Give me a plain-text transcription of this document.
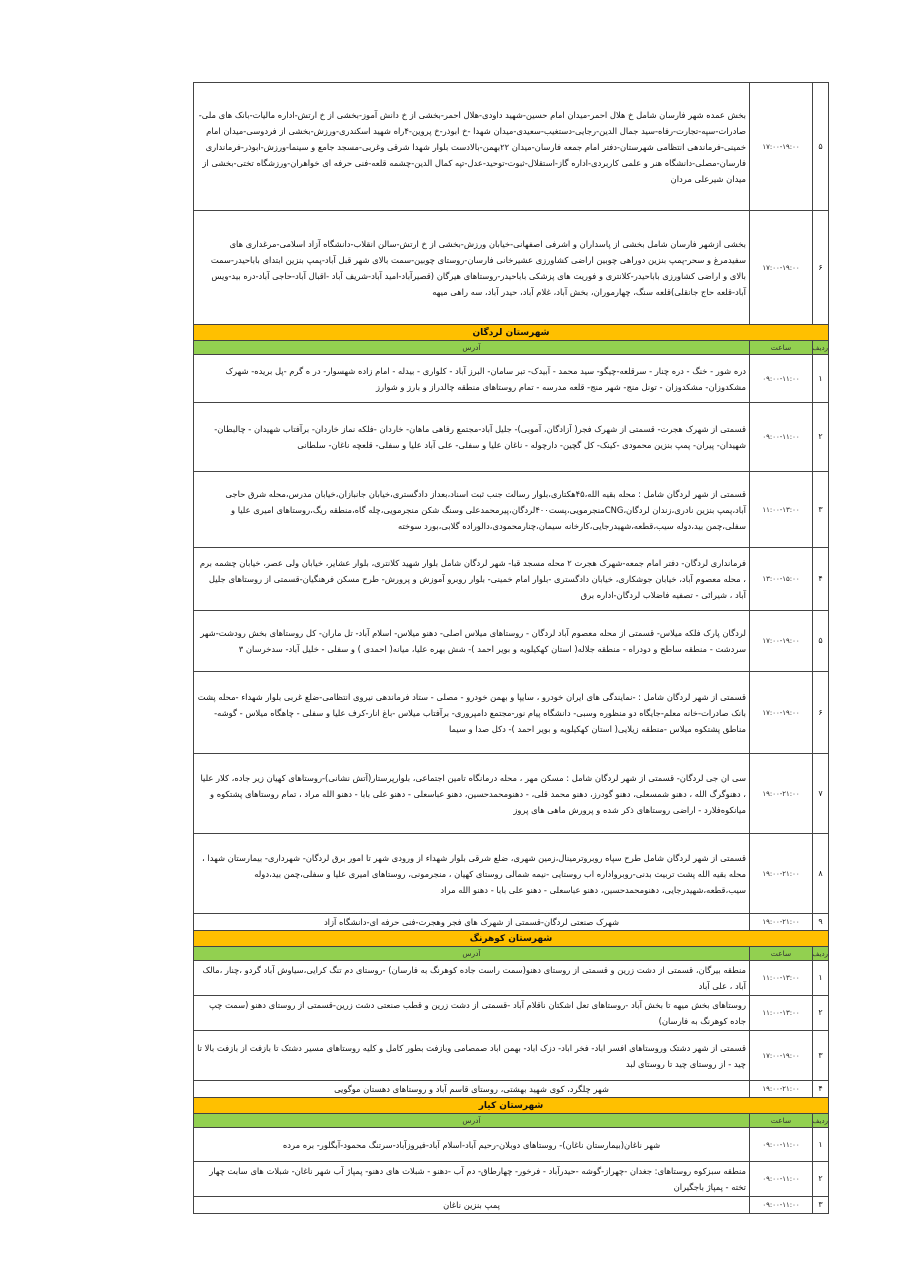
۵	۱۷:۰۰-۱۹:۰۰	بخش عمده شهر فارسان شامل خ هلال احمر-میدان امام حسین-شهید داودی-هلال احمر-بخشی از خ دانش آموز-بخشی از خ ارتش-اداره مالیات-بانک های ملی-صادرات-سپه-تجارت-رفاه-سید جمال الدین-رجایی-دستغیب-سعیدی-میدان شهدا -خ ابوذر-خ پروین-۴راه شهید اسکندری-ورزش-بخشی از فردوسی-میدان امام خمینی-فرماندهی انتظامی شهرستان-دفتر امام جمعه فارسان-میدان ۲۲بهمن-بالادست بلوار شهدا شرقی وغربی-مسجد جامع و سینما-ورزش-ابوذر-فرمانداری فارسان-مصلی-دانشگاه هنر و علمی کاربردی-اداره گاز-استقلال-ثبوت-توحید-عدل-تپه کمال الدین-چشمه قلعه-فنی حرفه ای خواهران-ورزشگاه تختی-بخشی از میدان شیرعلی مردان
۶	۱۷:۰۰-۱۹:۰۰	بخشی ازشهر فارسان شامل بخشی از پاسداران و اشرفی اصفهانی-خیابان ورزش-بخشی از خ ارتش-سالن انقلاب-دانشگاه آزاد اسلامی-مرغداری های سفیدمرغ و سحر-پمپ بنزین دوراهی چوبین اراضی کشاورزی عشیرخانی فارسان-روستای چوبین-سمت بالای شهر قبل آباد-پمپ بنزین ابتدای باباحیدر-سمت بالای و اراضی کشاورزی باباحیدر-کلانتری و فوریت های پزشکی باباحیدر-روستاهای هیرگان (قصیرآباد-امید آباد-شریف آباد -اقبال آباد-حاجی آباد-دره بید-ویس آباد-قلعه حاج جانقلی)قلعه سنگ، چهارموران، بخش آباد، غلام آباد، حیدر آباد، سه راهی میهه
شهرستان لردگان		
ردیف	ساعت	آدرس
۱	۰۹:۰۰-۱۱:۰۰	دره شور - خنگ - دره چنار - سرقلعه-چیگو- سید محمد - آبیدک- تبر سامان- البرز آباد - کلواری - بیدله - امام زاده شهسوار- در ه گرم -پل بریده- شهرک مشکدوزان- مشکدوزان - تونل منج- شهر منج- قلعه مدرسه - تمام روستاهای منطقه چالدراز و بارز و شوارز
۲	۰۹:۰۰-۱۱:۰۰	قسمتی از شهرک هجرت- قسمتی از شهرک فجر( آزادگان، آموبی)- جلیل آباد-مجتمع رفاهی ماهان- خاردان -فلکه نماز خاردان- برآفتاب شهیدان - چالبطان- شهیدان- پیران- پمپ بنزین محمودی -کینک- کل گچین- دارچوله - ناغان علیا و سفلی- علی آباد علیا و سفلی- قلعچه ناغان- سلطانی
۳	۱۱:۰۰-۱۳:۰۰	قسمتی از شهر لردگان شامل : محله بقیه الله،۴۵هکتاری،بلوار رسالت جنب ثبت اسناد،بعداز دادگستری،خیابان جانبازان،خیابان مدرس،محله شرق حاجی آباد،پمپ بنزین نادری،زندان لردگان،CNGمنجرمویی،پست۴۰۰لردگان،پیرمحمدعلی وسنگ شکن منجرمویی،چله گاه،منطقه ریگ،روستاهای امیری علیا و سفلی،چمن بید،دوله سیب،قطعه،شهیدرجایی،کارخانه سیمان،چنارمحمودی،دالوراده گلابی،بورد سوخته
۴	۱۳:۰۰-۱۵:۰۰	فرمانداری لردگان- دفتر امام جمعه-شهرک هجرت ۲ محله مسجد قبا- شهر لردگان شامل بلوار شهید کلانتری، بلوار عشایر، خیابان ولی عصر، خیابان چشمه برم ، محله معصوم آباد، خیابان جوشکاری، خیابان دادگستری -بلوار امام خمینی- بلوار روبرو آموزش و پرورش- طرح مسکن فرهنگیان-قسمتی از روستاهای جلیل آباد ، شیرائی - تصفیه فاضلاب لردگان-اداره برق
۵	۱۷:۰۰-۱۹:۰۰	لردگان پارک فلکه میلاس- قسمتی از محله معصوم آباد لردگان - روستاهای میلاس اصلی- دهنو میلاس- اسلام آباد- تل ماران- کل روستاهای بخش رودشت-شهر سردشت - منطقه ساطح و دودراه - منطقه جلاله( استان کهکیلویه و بویر احمد )- شش بهره علیا، میانه( احمدی ) و سفلی - خلیل آباد- سدخرسان ۳
۶	۱۷:۰۰-۱۹:۰۰	قسمتی از شهر لردگان شامل : -نمایندگی های ایران خودرو ، سایپا و بهمن خودرو - مصلی - ستاد فرماندهی نیروی انتظامی-ضلع غربی بلوار شهداء -محله پشت بانک صادرات-خانه معلم-جایگاه دو منظوره وسبی- دانشگاه پیام نور-مجتمع دامپروری- برآفتاب میلاس -باغ انار-کرف علیا و سفلی - چاهگاه میلاس - گوشه-مناطق پشتکوه میلاس -منطقه زیلایی( استان کهکیلویه و بویر احمد )- دکل صدا و سیما
۷	۱۹:۰۰-۲۱:۰۰	سی ان جی لردگان- قسمتی از شهر لردگان شامل : مسکن مهر ، محله درمانگاه تامین اجتماعی، بلوارپرستار(آتش نشانی)-روستاهای کهیان زیر جاده، کلار علیا ، دهنوگرگ الله ، دهنو شمسعلی، دهنو گودرز، دهنو محمد قلی، - دهنومحمدحسین، دهنو عباسعلی - دهنو علی بابا - دهنو الله مراد ، تمام روستاهای پشتکوه و میانکوه‌فلارد - اراضی روستاهای ذکر شده و پرورش ماهی های پروز
۸	۱۹:۰۰-۲۱:۰۰	قسمتی از شهر لردگان شامل طرح سپاه روبروترمینال،زمین شهری، ضلع شرقی بلوار شهداء از ورودی شهر تا امور برق لردگان- شهرداری- بیمارستان شهدا ، محله بقیه الله پشت تربیت بدنی-روبرواداره اب روستایی -نیمه شمالی روستای کهیان ، منجرمونی، روستاهای امیری علیا و سفلی،چمن بید،دوله سیب،قطعه،شهیدرجایی، دهنومحمدحسین، دهنو عباسعلی - دهنو علی بابا - دهنو الله مراد
۹	۱۹:۰۰-۲۱:۰۰	شهرک صنعتی لردگان-قسمتی از شهرک های فجر وهجرت-فنی حرفه ای-دانشگاه آزاد
شهرستان کوهرنگ		
ردیف	ساعت	آدرس
۱	۱۱:۰۰-۱۳:۰۰	منطقه بیرگان، قسمتی از دشت زرین و قسمتی از روستای دهنو(سمت راست جاده کوهرنگ به فارسان) -روستای دم تنگ کرایی،سیاوش آباد گردو ،چنار ،مالک آباد ، علی آباد
۲	۱۱:۰۰-۱۳:۰۰	روستاهای بخش میهه تا بخش آباد -روستاهای تعل اشکتان ناقلام آباد -قسمتی از دشت زرین و قطب صنعتی دشت زرین-قسمتی از روستای دهنو (سمت چپ جاده کوهرنگ به فارسان)
۳	۱۷:۰۰-۱۹:۰۰	قسمتی از شهر دشتک وروستاهای افسر اباد- فخر اباد- دزک اباد- بهمن اباد صمصامی وبازفت بطور کامل و کلیه روستاهای مسیر دشتک تا بازفت از بازفت بالا تا چید - از روستای چید تا روستای لبد
۴	۱۹:۰۰-۲۱:۰۰	شهر چلگرد، کوی شهید بهشتی، روستای قاسم آباد و روستاهای دهستان موگویی
شهرستان کیار		
ردیف	ساعت	آدرس
۱	۰۹:۰۰-۱۱:۰۰	شهر ناغان(بیمارستان ناغان)- روستاهای دوبلان-رحیم آباد-اسلام آباد-فیروزآباد-سرتنگ محمود-آبگلور- بره مرده
۲	۰۹:۰۰-۱۱:۰۰	منطقه سبزکوه روستاهای: جغدان -چهراز-گوشه -حیدرآباد - فرخور- چهارطاق- دم آب -دهنو - شبلات های دهنو- پمپاژ آب شهر ناغان- شبلات های سابت چهار تخته - پمپاژ باجگیران
۳	۰۹:۰۰-۱۱:۰۰	پمپ بنزین ناغان
